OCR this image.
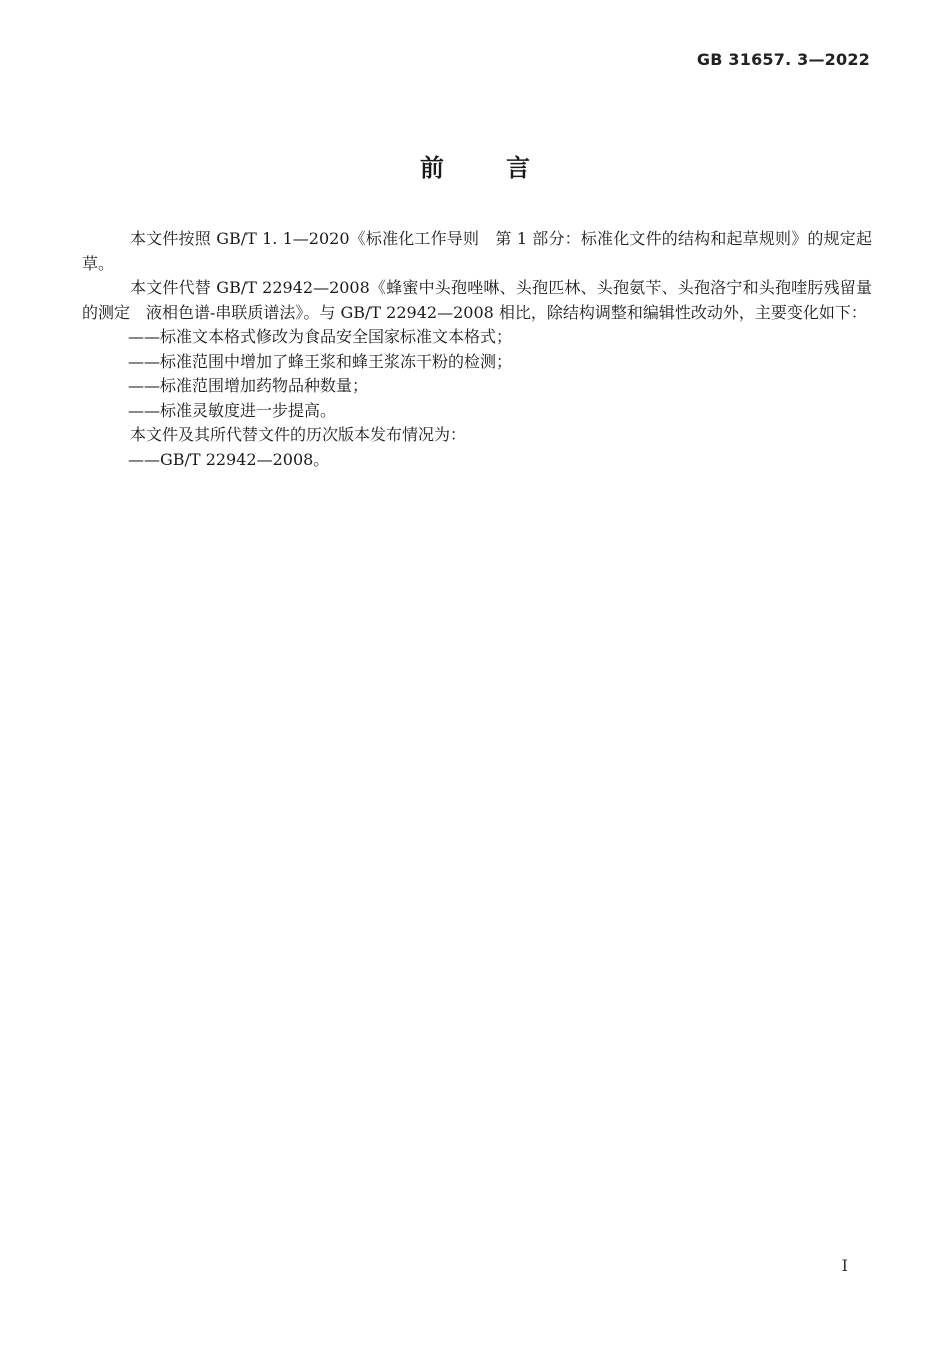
GB 31657. 3—2022
前言

本文件按照 GB/T 1. 1—2020《标准化工作导则　第 1 部分：标准化文件的结构和起草规则》的规定起草。

本文件代替 GB/T 22942—2008《蜂蜜中头孢唑啉、头孢匹林、头孢氨苄、头孢洛宁和头孢喹肟残留量的测定　液相色谱-串联质谱法》。与 GB/T 22942—2008 相比，除结构调整和编辑性改动外，主要变化如下：

——标准文本格式修改为食品安全国家标准文本格式；

——标准范围中增加了蜂王浆和蜂王浆冻干粉的检测；

——标准范围增加药物品种数量；

——标准灵敏度进一步提高。

本文件及其所代替文件的历次版本发布情况为：

——GB/T 22942—2008。

I
